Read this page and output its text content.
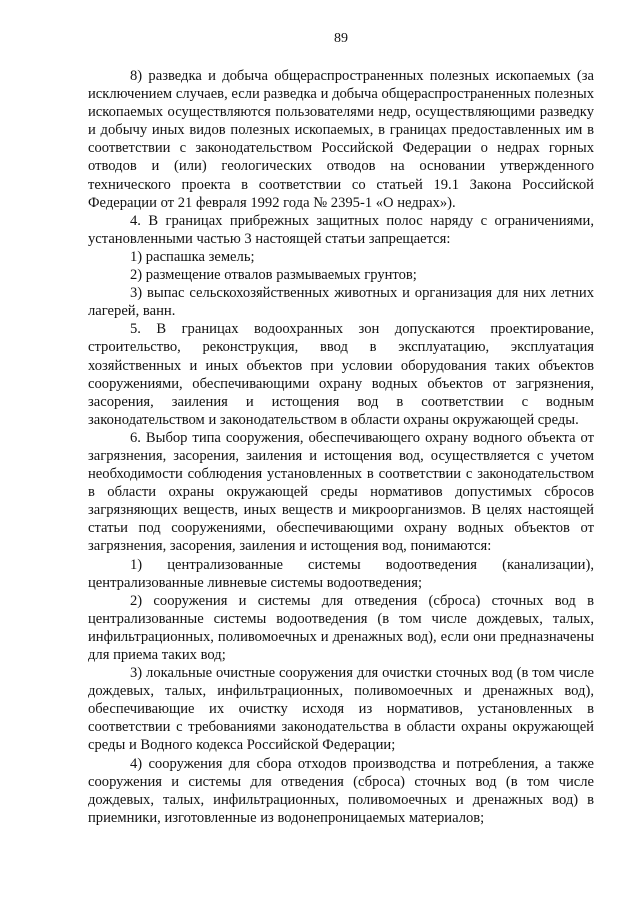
89

8) разведка и добыча общераспространенных полезных ископаемых (за исключением случаев, если разведка и добыча общераспространенных полезных ископаемых осуществляются пользователями недр, осуществляющими разведку и добычу иных видов полезных ископаемых, в границах предоставленных им в соответствии с законодательством Российской Федерации о недрах горных отводов и (или) геологических отводов на основании утвержденного технического проекта в соответствии со статьей 19.1 Закона Российской Федерации от 21 февраля 1992 года № 2395-1 «О недрах»).

4. В границах прибрежных защитных полос наряду с ограничениями, установленными частью 3 настоящей статьи запрещается:

1) распашка земель;

2) размещение отвалов размываемых грунтов;

3) выпас сельскохозяйственных животных и организация для них летних лагерей, ванн.

5. В границах водоохранных зон допускаются проектирование, строительство, реконструкция, ввод в эксплуатацию, эксплуатация хозяйственных и иных объектов при условии оборудования таких объектов сооружениями, обеспечивающими охрану водных объектов от загрязнения, засорения, заиления и истощения вод в соответствии с водным законодательством и законодательством в области охраны окружающей среды.

6. Выбор типа сооружения, обеспечивающего охрану водного объекта от загрязнения, засорения, заиления и истощения вод, осуществляется с учетом необходимости соблюдения установленных в соответствии с законодательством в области охраны окружающей среды нормативов допустимых сбросов загрязняющих веществ, иных веществ и микроорганизмов. В целях настоящей статьи под сооружениями, обеспечивающими охрану водных объектов от загрязнения, засорения, заиления и истощения вод, понимаются:

1) централизованные системы водоотведения (канализации), централизованные ливневые системы водоотведения;

2) сооружения и системы для отведения (сброса) сточных вод в централизованные системы водоотведения (в том числе дождевых, талых, инфильтрационных, поливомоечных и дренажных вод), если они предназначены для приема таких вод;

3) локальные очистные сооружения для очистки сточных вод (в том числе дождевых, талых, инфильтрационных, поливомоечных и дренажных вод), обеспечивающие их очистку исходя из нормативов, установленных в соответствии с требованиями законодательства в области охраны окружающей среды и Водного кодекса Российской Федерации;

4) сооружения для сбора отходов производства и потребления, а также сооружения и системы для отведения (сброса) сточных вод (в том числе дождевых, талых, инфильтрационных, поливомоечных и дренажных вод) в приемники, изготовленные из водонепроницаемых материалов;
